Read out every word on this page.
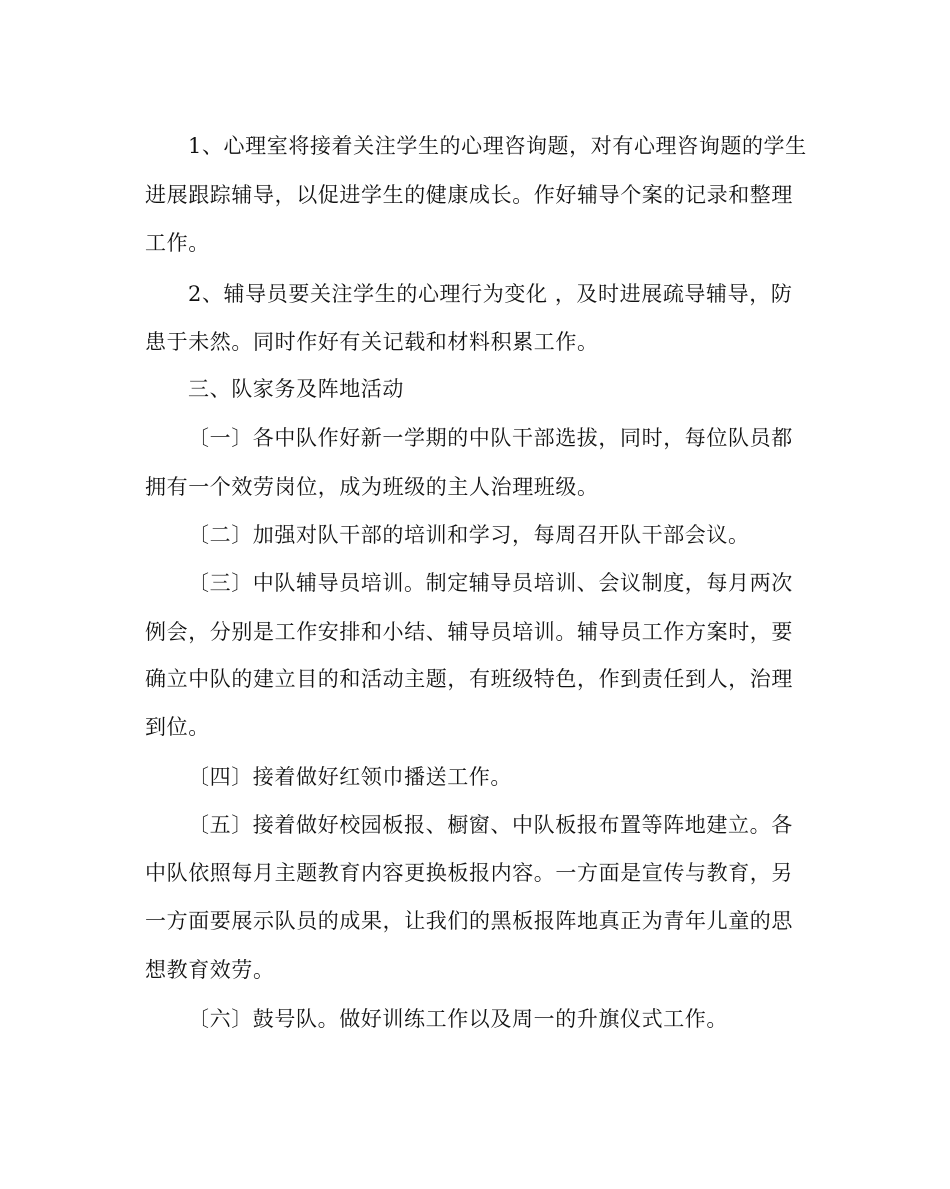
1、心理室将接着关注学生的心理咨询题，对有心理咨询题的学生

进展跟踪辅导，以促进学生的健康成长。作好辅导个案的记录和整理

工作。

2、辅导员要关注学生的心理行为变化 ，及时进展疏导辅导，防

患于未然。同时作好有关记载和材料积累工作。

三、队家务及阵地活动

〔一〕各中队作好新一学期的中队干部选拔，同时，每位队员都

拥有一个效劳岗位，成为班级的主人治理班级。

〔二〕加强对队干部的培训和学习，每周召开队干部会议。

〔三〕中队辅导员培训。制定辅导员培训、会议制度，每月两次

例会，分别是工作安排和小结、辅导员培训。辅导员工作方案时，要

确立中队的建立目的和活动主题，有班级特色，作到责任到人，治理

到位。

〔四〕接着做好红领巾播送工作。

〔五〕接着做好校园板报、橱窗、中队板报布置等阵地建立。各

中队依照每月主题教育内容更换板报内容。一方面是宣传与教育，另

一方面要展示队员的成果，让我们的黑板报阵地真正为青年儿童的思

想教育效劳。

〔六〕鼓号队。做好训练工作以及周一的升旗仪式工作。
